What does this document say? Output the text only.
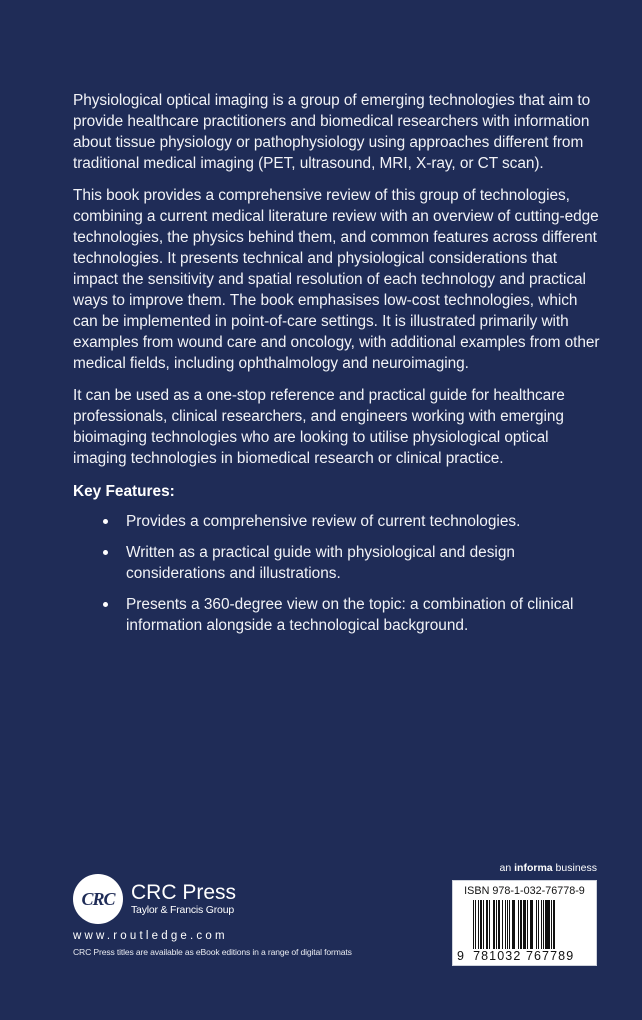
Physiological optical imaging is a group of emerging technologies that aim to provide healthcare practitioners and biomedical researchers with information about tissue physiology or pathophysiology using approaches different from traditional medical imaging (PET, ultrasound, MRI, X-ray, or CT scan).

This book provides a comprehensive review of this group of technologies, combining a current medical literature review with an overview of cutting-edge technologies, the physics behind them, and common features across different technologies. It presents technical and physiological considerations that impact the sensitivity and spatial resolution of each technology and practical ways to improve them. The book emphasises low-cost technologies, which can be implemented in point-of-care settings. It is illustrated primarily with examples from wound care and oncology, with additional examples from other medical fields, including ophthalmology and neuroimaging.

It can be used as a one-stop reference and practical guide for healthcare professionals, clinical researchers, and engineers working with emerging bioimaging technologies who are looking to utilise physiological optical imaging technologies in biomedical research or clinical practice.

Key Features:
Provides a comprehensive review of current technologies.
Written as a practical guide with physiological and design considerations and illustrations.
Presents a 360-degree view on the topic: a combination of clinical information alongside a technological background.
CRC CRC Press
Taylor & Francis Group
www.routledge.com
CRC Press titles are available as eBook editions in a range of digital formats
an informa business
ISBN 978-1-032-76778-9
9 781032 767789
